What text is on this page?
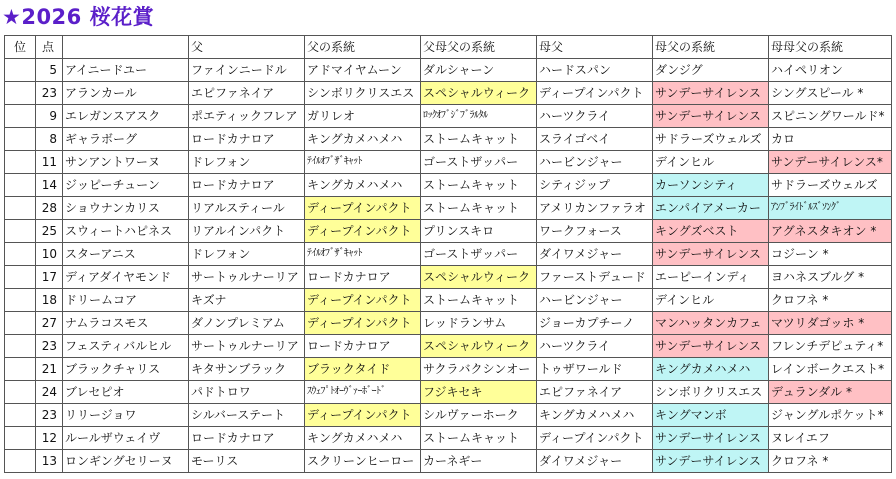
★2026 桜花賞
位	点		父	父の系統	父母父の系統	母父	母父の系統	母母父の系統
	5	アイニードユー	ファインニードル	アドマイヤムーン	ダルシャーン	ハードスパン	ダンジグ	ハイペリオン
	23	アランカール	エピファネイア	シンボリクリスエス	スペシャルウィーク	ディープインパクト	サンデーサイレンス	シングスピール *
	9	エレガンスアスク	ポエティックフレア	ガリレオ	ﾛｯｸｵﾌﾞｼﾞﾌﾞﾗﾙﾀﾙ	ハーツクライ	サンデーサイレンス	スピニングワールド*
	8	ギャラボーグ	ロードカナロア	キングカメハメハ	ストームキャット	スライゴベイ	サドラーズウェルズ	カロ
	11	サンアントワーヌ	ドレフォン	ﾃｲﾙｵﾌﾞｻﾞｷｬｯﾄ	ゴーストザッパー	ハービンジャー	デインヒル	サンデーサイレンス*
	14	ジッピーチューン	ロードカナロア	キングカメハメハ	ストームキャット	シティジップ	カーソンシティ	サドラーズウェルズ
	28	ショウナンカリス	リアルスティール	ディープインパクト	ストームキャット	アメリカンファラオ	エンパイアメーカー	ｱﾝﾌﾞﾗｲﾄﾞﾙｽﾞｿﾝｸﾞ
	25	スウィートハピネス	リアルインパクト	ディープインパクト	プリンスキロ	ワークフォース	キングズベスト	アグネスタキオン *
	10	スターアニス	ドレフォン	ﾃｲﾙｵﾌﾞｻﾞｷｬｯﾄ	ゴーストザッパー	ダイワメジャー	サンデーサイレンス	コジーン *
	17	ディアダイヤモンド	サートゥルナーリア	ロードカナロア	スペシャルウィーク	ファーストデュード	エーピーインディ	ヨハネスブルグ *
	18	ドリームコア	キズナ	ディープインパクト	ストームキャット	ハービンジャー	デインヒル	クロフネ *
	27	ナムラコスモス	ダノンプレミアム	ディープインパクト	レッドランサム	ジョーカプチーノ	マンハッタンカフェ	マツリダゴッホ *
	23	フェスティバルヒル	サートゥルナーリア	ロードカナロア	スペシャルウィーク	ハーツクライ	サンデーサイレンス	フレンチデピュティ*
	21	ブラックチャリス	キタサンブラック	ブラックタイド	サクラバクシンオー	トゥザワールド	キングカメハメハ	レインボークエスト*
	24	ブレセピオ	パドトロワ	ｽｳｪﾌﾟﾄｵｰｳﾞｧｰﾎﾞｰﾄﾞ	フジキセキ	エピファネイア	シンボリクリスエス	デュランダル *
	23	リリージョワ	シルバーステート	ディープインパクト	シルヴァーホーク	キングカメハメハ	キングマンボ	ジャングルポケット*
	12	ルールザウェイヴ	ロードカナロア	キングカメハメハ	ストームキャット	ディープインパクト	サンデーサイレンス	ヌレイエフ
	13	ロンギングセリーヌ	モーリス	スクリーンヒーロー	カーネギー	ダイワメジャー	サンデーサイレンス	クロフネ *
